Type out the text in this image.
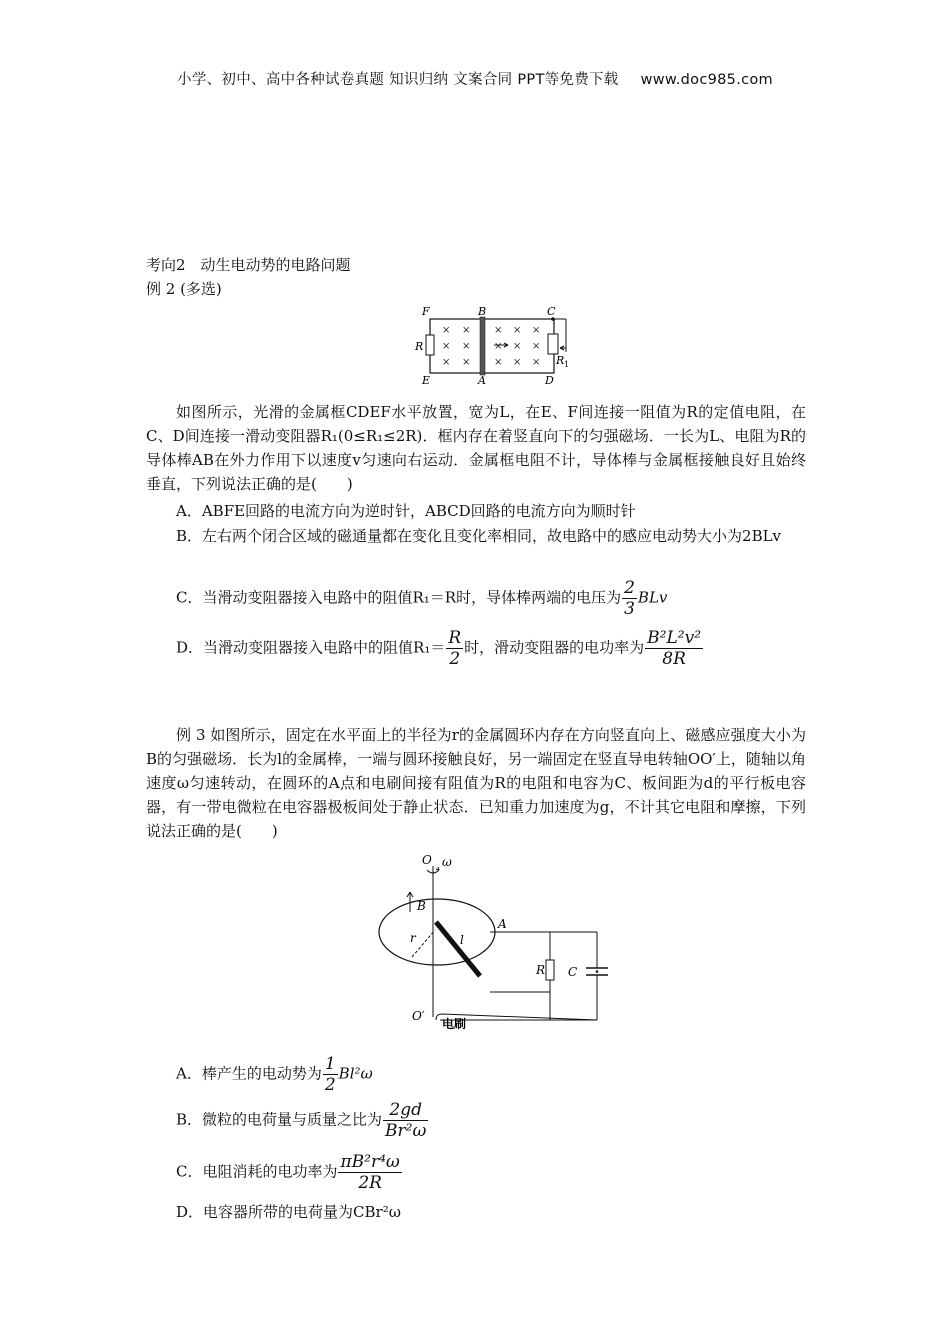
小学、初中、高中各种试卷真题 知识归纳 文案合同 PPT等免费下载 www.doc985.com
考向2　动生电动势的电路问题
例 2 (多选)
× ×
× ×
× ×
× × ×
× × ×
× × ×
F	B	C
R
E	A	D
R 1

如图所示，光滑的金属框CDEF水平放置，宽为L，在E、F间连接一阻值为R的定值电阻，在C、D间连接一滑动变阻器R₁(0≤R₁≤2R)．框内存在着竖直向下的匀强磁场．一长为L、电阻为R的导体棒AB在外力作用下以速度v匀速向右运动．金属框电阻不计，导体棒与金属框接触良好且始终垂直，下列说法正确的是(　　)

A．ABFE回路的电流方向为逆时针，ABCD回路的电流方向为顺时针

B．左右两个闭合区域的磁通量都在变化且变化率相同，故电路中的感应电动势大小为2BLv

C．当滑动变阻器接入电路中的阻值R₁＝R时，导体棒两端的电压为 $\frac{2}{3}$ BLv
D．当滑动变阻器接入电路中的阻值$R_1= \frac{R}{2}$ 时，滑动变阻器的电功率为 $\frac{\text{B²L²v²}}{8R}$

例 3 如图所示，固定在水平面上的半径为r的金属圆环内存在方向竖直向上、磁感应强度大小为B的匀强磁场．长为l的金属棒，一端与圆环接触良好，另一端固定在竖直导电转轴OO′上，随轴以角速度ω匀速转动，在圆环的A点和电刷间接有阻值为R的电阻和电容为C、板间距为d的平行板电容器，有一带电微粒在电容器极板间处于静止状态．已知重力加速度为g，不计其它电阻和摩擦，下列说法正确的是(　　)

O ω
B
A
r	l
R C
O′
电刷
A．棒产生的电动势为 $\frac{1}{2} Bl^2\omega$
B．微粒的电荷量与质量之比为 $\frac{2gd}{\text{Br²ω}}$
C．电阻消耗的电功率为 $\frac{\text{πB²r⁴ω}}{2R}$
D．电容器所带的电荷量为CBr²ω
